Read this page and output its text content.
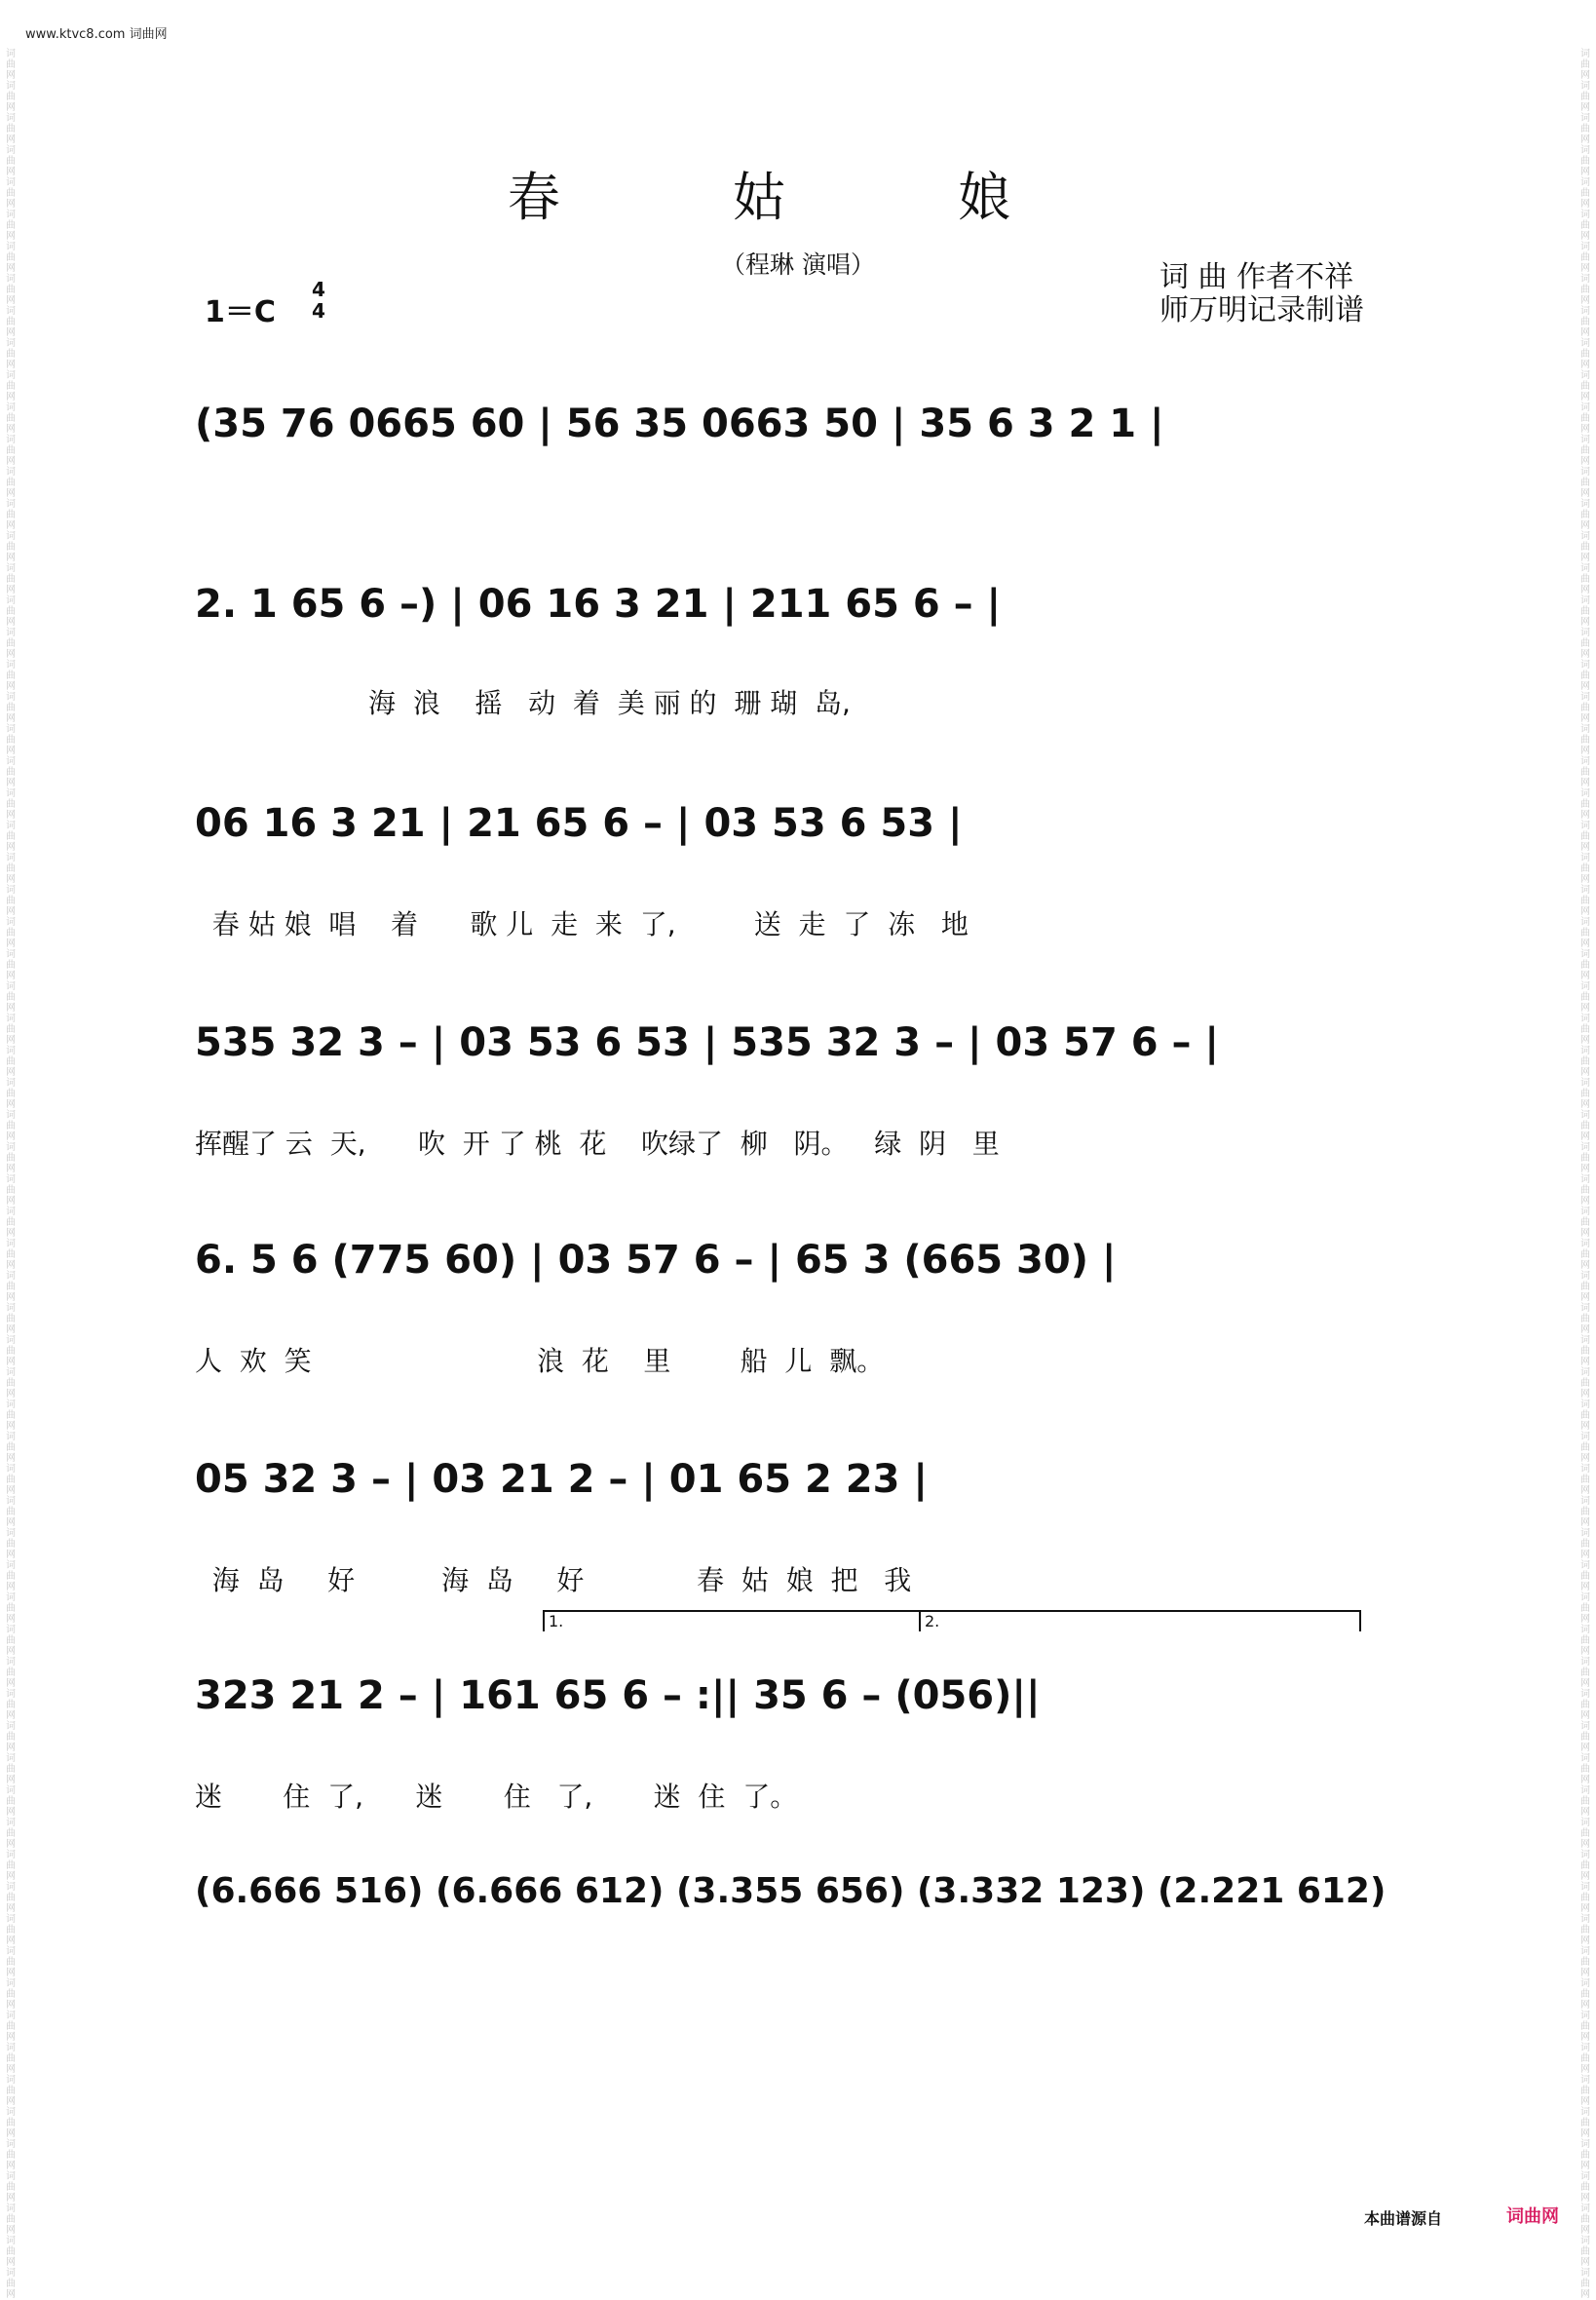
词曲网词曲网词曲网词曲网词曲网词曲网词曲网词曲网词曲网词曲网词曲网词曲网词曲网词曲网词曲网词曲网词曲网词曲网词曲网词曲网词曲网词曲网词曲网词曲网词曲网词曲网词曲网词曲网词曲网词曲网词曲网词曲网词曲网词曲网词曲网词曲网词曲网词曲网词曲网词曲网词曲网词曲网词曲网词曲网词曲网词曲网词曲网词曲网词曲网词曲网词曲网词曲网词曲网词曲网词曲网词曲网词曲网词曲网词曲网词曲网词曲网词曲网词曲网词曲网词曲网词曲网词曲网词曲网词曲网词曲网
词曲网词曲网词曲网词曲网词曲网词曲网词曲网词曲网词曲网词曲网词曲网词曲网词曲网词曲网词曲网词曲网词曲网词曲网词曲网词曲网词曲网词曲网词曲网词曲网词曲网词曲网词曲网词曲网词曲网词曲网词曲网词曲网词曲网词曲网词曲网词曲网词曲网词曲网词曲网词曲网词曲网词曲网词曲网词曲网词曲网词曲网词曲网词曲网词曲网词曲网词曲网词曲网词曲网词曲网词曲网词曲网词曲网词曲网词曲网词曲网词曲网词曲网词曲网词曲网词曲网词曲网词曲网词曲网词曲网词曲网
www.ktvc8.com 词曲网
春 姑 娘
（程琳 演唱）
1＝C
4
4
词 曲 作者不祥
师万明记录制谱
(35 76 0665 60 | 56 35 0663 50 | 35 6 3 2 1 |
2. 1 65 6 –) | 06 16 3 21 | 211 65 6 – |
海  浪    摇   动  着  美 丽 的  珊 瑚  岛,
06 16 3 21 | 21 65 6 – | 03 53 6 53 |
春 姑 娘  唱    着      歌 儿  走  来  了,         送  走  了  冻   地
535 32 3 – | 03 53 6 53 | 535 32 3 – | 03 57 6 – |
挥醒了 云  天,      吹  开 了 桃  花    吹绿了  柳   阴。   绿  阴   里
6. 5 6 (775 60) | 03 57 6 – | 65 3 (665 30) |
人  欢  笑                          浪  花    里        船  儿  飘。
05 32 3 – | 03 21 2 – | 01 65 2 23 |
海  岛     好          海  岛     好             春  姑  娘  把   我
1.	2.
323 21 2 – | 161 65 6 – :|| 35 6 – (056)||
迷       住  了,      迷       住   了,       迷  住  了。
(6.666 516) (6.666 612) (3.355 656) (3.332 123) (2.221 612)
本曲谱源自	词曲网
